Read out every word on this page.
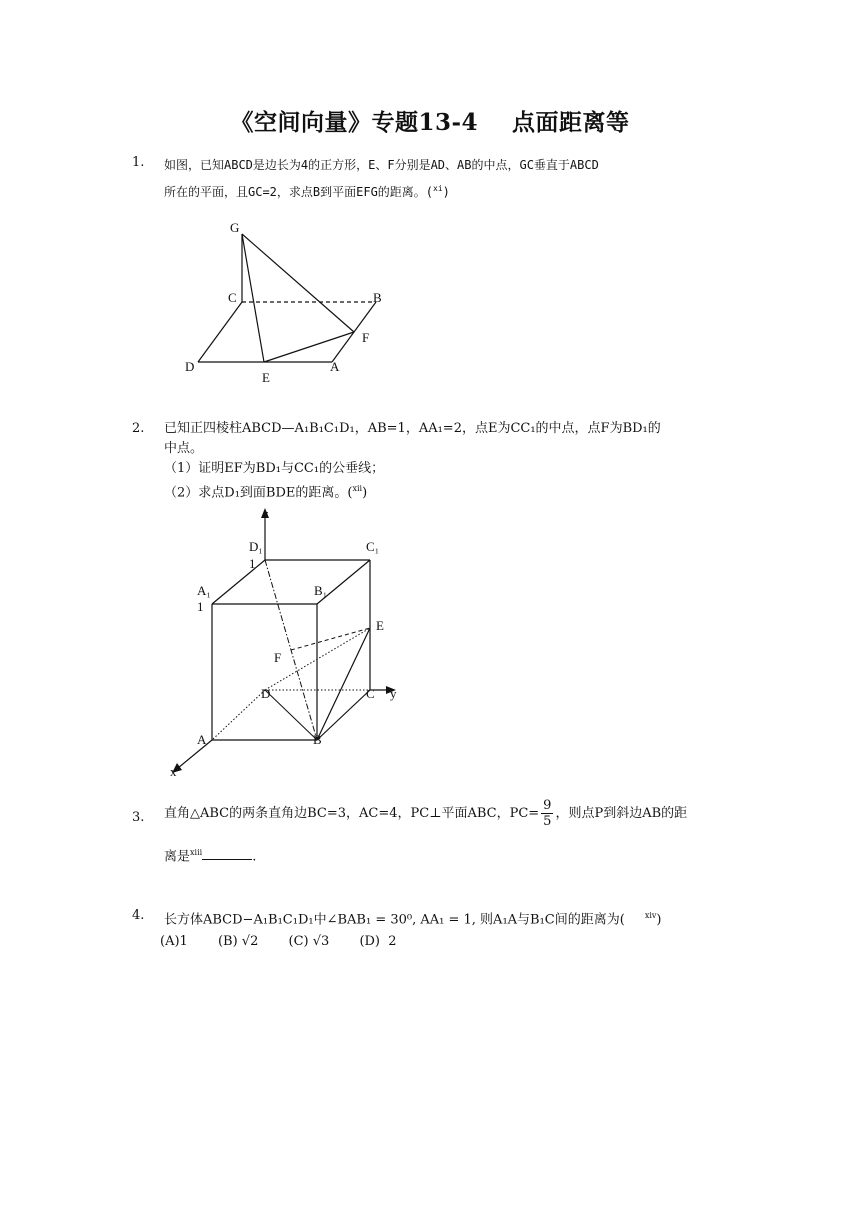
《空间向量》专题13-4 点面距离等
1. 如图，已知ABCD是边长为4的正方形，E、F分别是AD、AB的中点，GC垂直于ABCD
所在的平面，且GC=2，求点B到平面EFG的距离。($^{xi}$)
G
C	B
F
D
E
A
2. 已知正四棱柱ABCD—A₁B₁C₁D₁，AB=1，AA₁=2，点E为CC₁的中点，点F为BD₁的
中点。
（1）证明EF为BD₁与CC₁的公垂线；
（2）求点D₁到面BDE的距离。($^{xii}$)
z
D₁
1
C₁
A₁
1
B₁
E
F
D	C y
A	B
x
3. 直角△ABC的两条直角边BC=3，AC=4，PC⊥平面ABC，$PC= \frac{9}{5}$ ，则点P到斜边AB的距
离是$^{xiii}$	.
4. 长方体ABCD−A₁B₁C₁D₁中∠BAB₁ = 30⁰, AA₁ = 1, 则A₁A与B₁C间的距离为(	$^{xiv}$)
(A)1 (B) √2 (C) √3 (D) 2
